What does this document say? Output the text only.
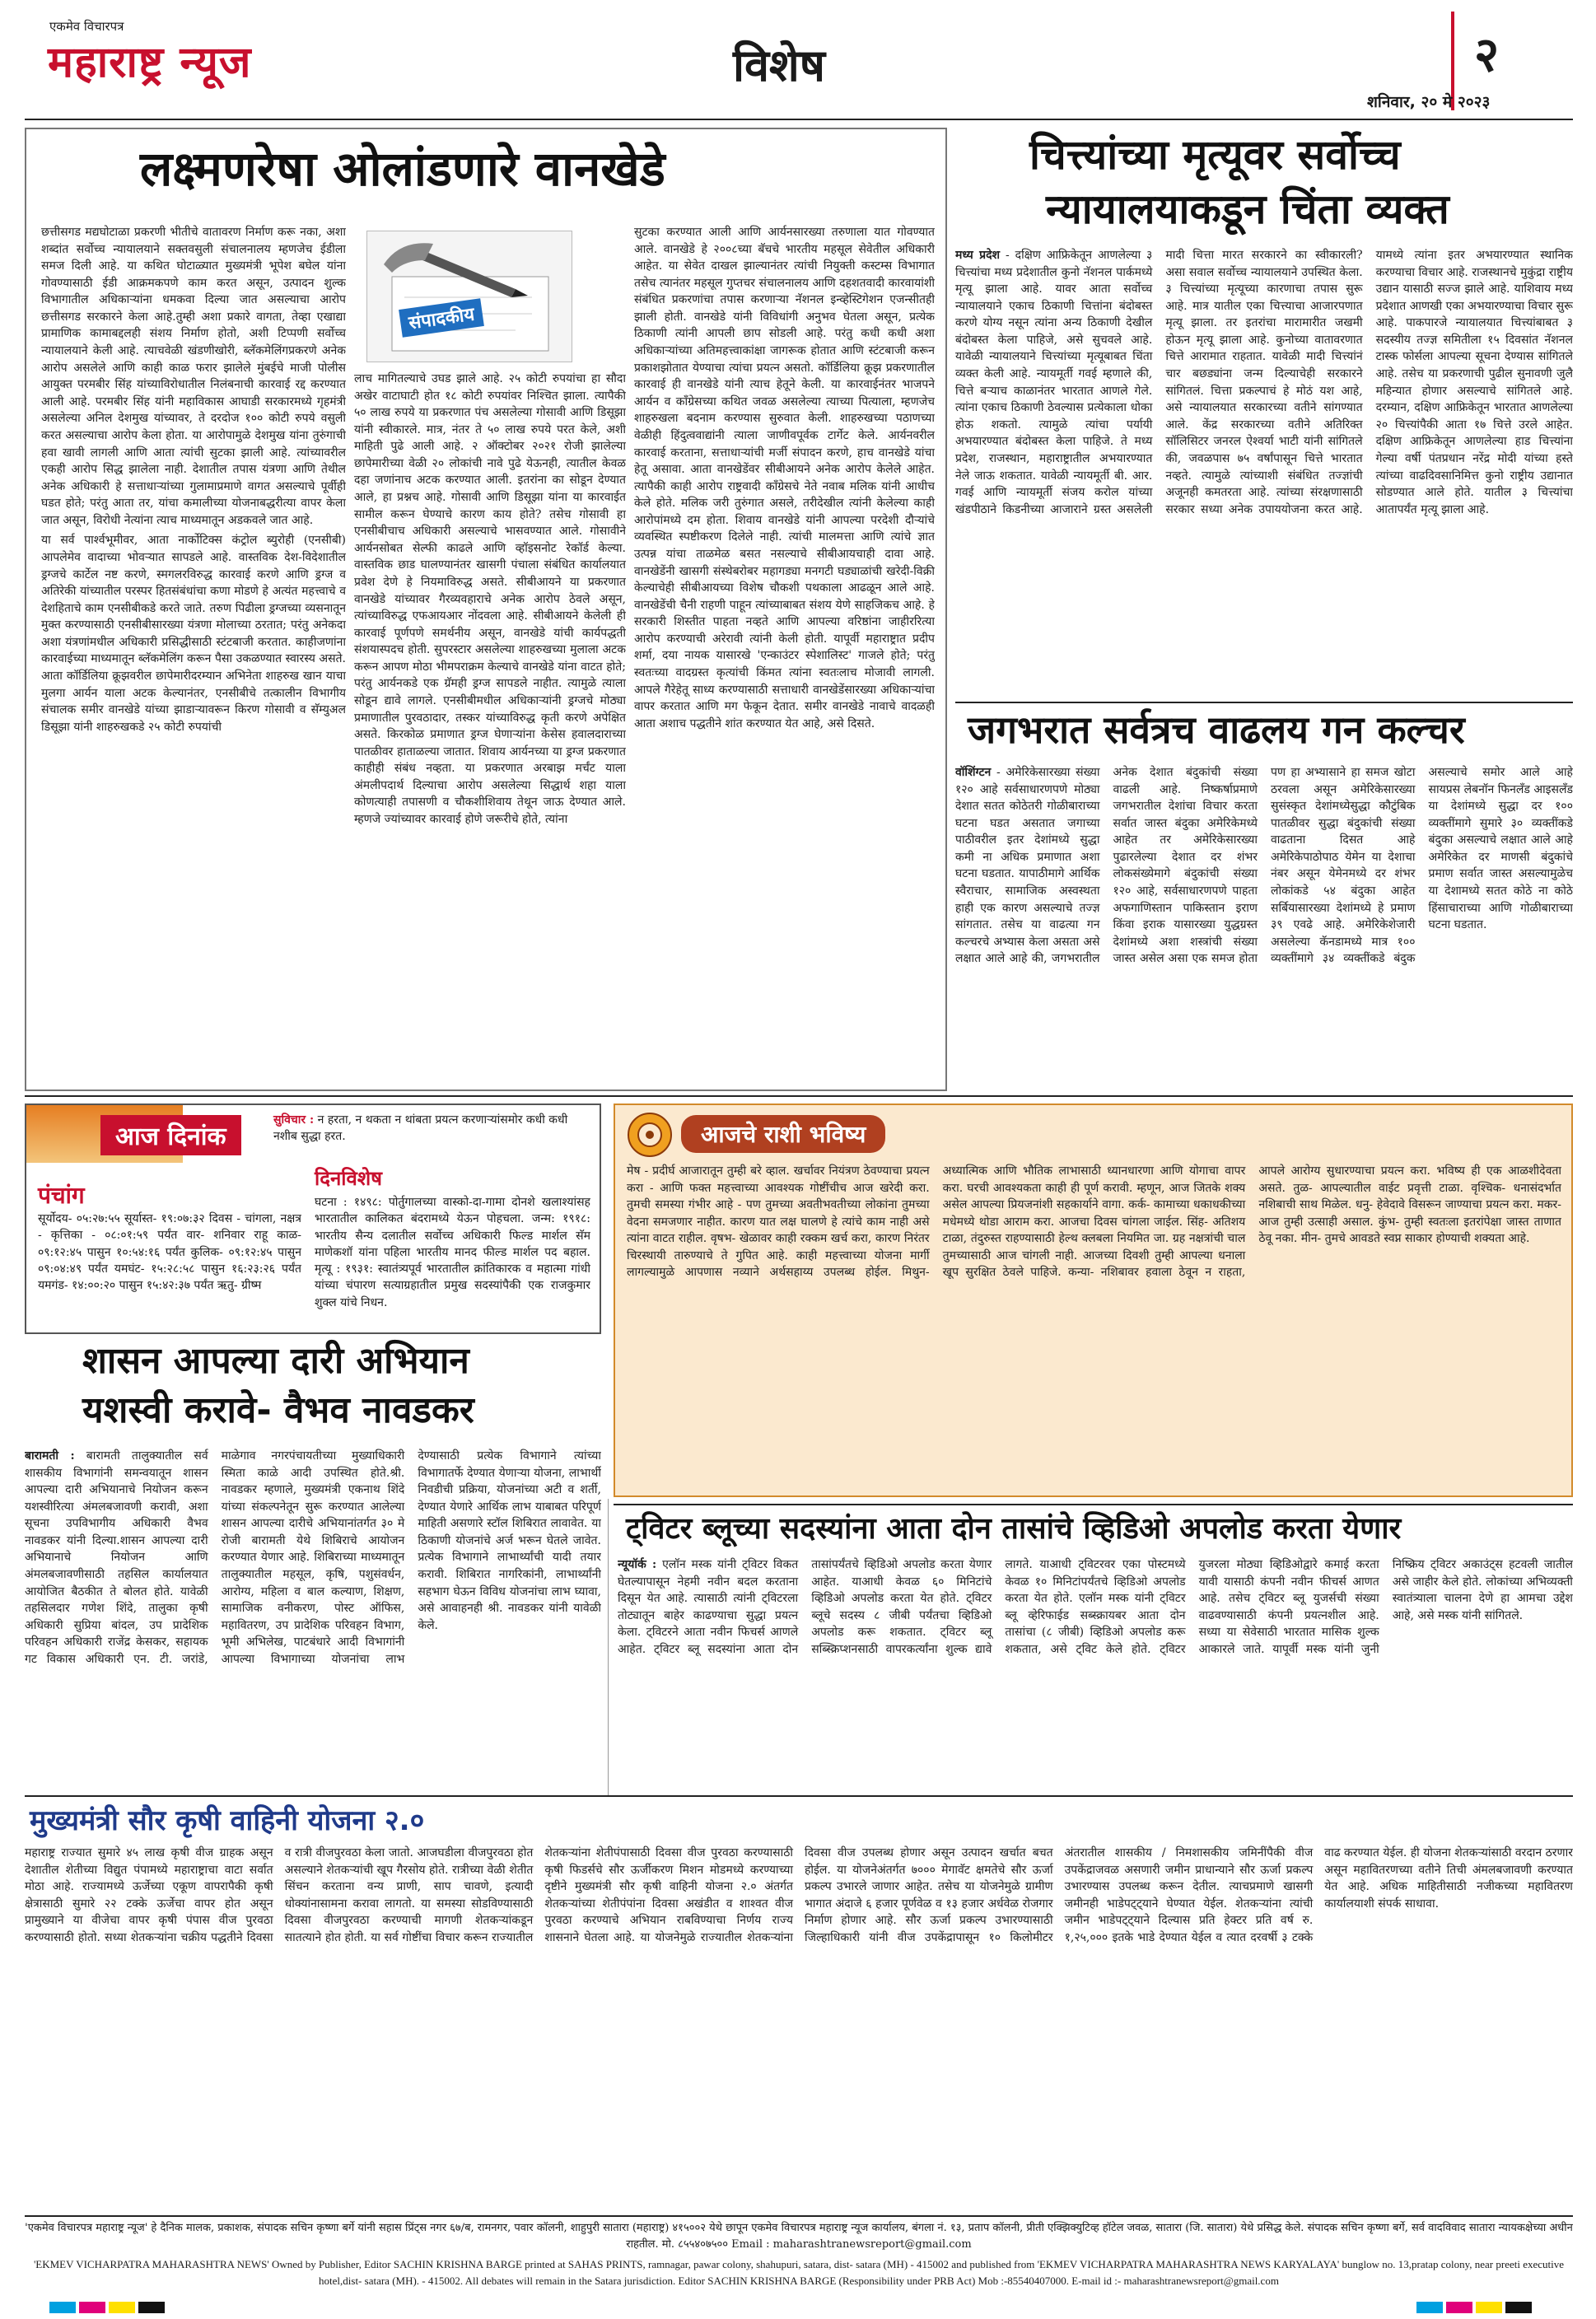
एकमेव विचारपत्र
महाराष्ट्र न्यूज	विशेष	२
शनिवार, २० मे २०२३
लक्ष्मणरेषा ओलांडणारे वानखेडे
संपादकीय
छत्तीसगड मद्यघोटाळा प्रकरणी भीतीचे वातावरण निर्माण करू नका, अशा शब्दांत सर्वोच्च न्यायालयाने सक्तवसुली संचालनालय म्हणजेच ईडीला समज दिली आहे. या कथित घोटाळ्यात मुख्यमंत्री भूपेश बघेल यांना गोवण्यासाठी ईडी आक्रमकपणे काम करत असून, उत्पादन शुल्क विभागातील अधिकाऱ्यांना धमकवा दिल्या जात असल्याचा आरोप छत्तीसगड सरकारने केला आहे.तुम्ही अशा प्रकारे वागता, तेव्हा एखाद्या प्रामाणिक कामाबद्दलही संशय निर्माण होतो, अशी टिप्पणी सर्वोच्च न्यायालयाने केली आहे. त्याचवेळी खंडणीखोरी, ब्लॅकमेलिंगप्रकरणे अनेक आरोप असलेले आणि काही काळ फरार झालेले मुंबईचे माजी पोलीस आयुक्त परमबीर सिंह यांच्याविरोधातील निलंबनाची कारवाई रद्द करण्यात आली आहे. परमबीर सिंह यांनी महाविकास आघाडी सरकारमध्ये गृहमंत्री असलेल्या अनिल देशमुख यांच्यावर, ते दरदोज १०० कोटी रुपये वसुली करत असल्याचा आरोप केला होता. या आरोपामुळे देशमुख यांना तुरुंगाची हवा खावी लागली आणि आता त्यांची सुटका झाली आहे. त्यांच्यावरील एकही आरोप सिद्ध झालेला नाही. देशातील तपास यंत्रणा आणि तेथील अनेक अधिकारी हे सत्ताधाऱ्यांच्या गुलामाप्रमाणे वागत असल्याचे पूर्वीही घडत होते; परंतु आता तर, यांचा कमालीच्या योजनाबद्धरीत्या वापर केला जात असून, विरोधी नेत्यांना त्याच माध्यमातून अडकवले जात आहे.

या सर्व पार्श्वभूमीवर, आता नार्कोटिक्स कंट्रोल ब्युरोही (एनसीबी) आपलेमेव वादाच्या भोवऱ्यात सापडले आहे. वास्तविक देश-विदेशातील ड्रग्जचे कार्टेल नष्ट करणे, स्मगलरविरुद्ध कारवाई करणे आणि ड्रग्ज व अतिरेकी यांच्यातील परस्पर हितसंबंधांचा कणा मोडणे हे अत्यंत महत्त्वाचे व देशहिताचे काम एनसीबीकडे करते जाते. तरुण पिढीला ड्रग्जच्या व्यसनातून मुक्त करण्यासाठी एनसीबीसारख्या यंत्रणा मोलाच्या ठरतात; परंतु अनेकदा अशा यंत्रणांमधील अधिकारी प्रसिद्धीसाठी स्टंटबाजी करतात. काहीजणांना कारवाईच्या माध्यमातून ब्लॅकमेलिंग करून पैसा उकळण्यात स्वारस्य असते. आता कॉर्डिलिया क्रूझवरील छापेमारीदरम्यान अभिनेता शाहरुख खान याचा मुलगा आर्यन याला अटक केल्यानंतर, एनसीबीचे तत्कालीन विभागीय संचालक समीर वानखेडे यांच्या झाडाऱ्यावरून किरण गोसावी व सॅम्युअल डिसूझा यांनी शाहरुखकडे २५ कोटी रुपयांची

लाच मागितल्याचे उघड झाले आहे. २५ कोटी रुपयांचा हा सौदा अखेर वाटाघाटी होत १८ कोटी रुपयांवर निश्चित झाला. त्यापैकी ५० लाख रुपये या प्रकरणात पंच असलेल्या गोसावी आणि डिसूझा यांनी स्वीकारले. मात्र, नंतर ते ५० लाख रुपये परत केले, अशी माहिती पुढे आली आहे. २ ऑक्टोबर २०२१ रोजी झालेल्या छापेमारीच्या वेळी २० लोकांची नावे पुढे येऊनही, त्यातील केवळ दहा जणांनाच अटक करण्यात आली. इतरांना का सोडून देण्यात आले, हा प्रश्नच आहे. गोसावी आणि डिसूझा यांना या कारवाईत सामील करून घेण्याचे कारण काय होते? तसेच गोसावी हा एनसीबीचाच अधिकारी असल्याचे भासवण्यात आले. गोसावीने आर्यनसोबत सेल्फी काढले आणि व्हॉइसनोट रेकॉर्ड केल्या. वास्तविक छाड घालण्यानंतर खासगी पंचाला संबंधित कार्यालयात प्रवेश देणे हे नियमाविरुद्ध असते. सीबीआयने या प्रकरणात वानखेडे यांच्यावर गैरव्यवहाराचे अनेक आरोप ठेवले असून, त्यांच्याविरुद्ध एफआयआर नोंदवला आहे. सीबीआयने केलेली ही कारवाई पूर्णपणे समर्थनीय असून, वानखेडे यांची कार्यपद्धती संशयास्पदच होती. सुपरस्टार असलेल्या शाहरुखच्या मुलाला अटक करून आपण मोठा भीमपराक्रम केल्याचे वानखेडे यांना वाटत होते; परंतु आर्यनकडे एक ग्रॅमही ड्रग्ज सापडले नाहीत. त्यामुळे त्याला सोडून द्यावे लागले. एनसीबीमधील अधिकाऱ्यांनी ड्रग्जचे मोठ्या प्रमाणातील पुरवठादार, तस्कर यांच्याविरुद्ध कृती करणे अपेक्षित असते. किरकोळ प्रमाणात ड्रग्ज घेणाऱ्यांना केसेस हवालदाराच्या पातळीवर हाताळल्या जातात. शिवाय आर्यनच्या या ड्रग्ज प्रकरणात काहीही संबंध नव्हता. या प्रकरणात अरबाझ मर्चंट याला अंमलीपदार्थ दिल्याचा आरोप असलेल्या सिद्धार्थ शहा याला कोणत्याही तपासणी व चौकशीशिवाय तेथून जाऊ देण्यात आले. म्हणजे ज्यांच्यावर कारवाई होणे जरूरीचे होते, त्यांना
सुटका करण्यात आली आणि आर्यनसारख्या तरुणाला यात गोवण्यात आले. वानखेडे हे २००८च्या बॅचचे भारतीय महसूल सेवेतील अधिकारी आहेत. या सेवेत दाखल झाल्यानंतर त्यांची नियुक्ती कस्टम्स विभागात तसेच त्यानंतर महसूल गुप्तचर संचालनालय आणि दहशतवादी कारवायांशी संबंधित प्रकरणांचा तपास करणाऱ्या नॅशनल इन्व्हेस्टिगेशन एजन्सीतही झाली होती. वानखेडे यांनी विविधांगी अनुभव घेतला असून, प्रत्येक ठिकाणी त्यांनी आपली छाप सोडली आहे. परंतु कधी कधी अशा अधिकाऱ्यांच्या अतिमहत्त्वाकांक्षा जागरूक होतात आणि स्टंटबाजी करून प्रकाशझोतात येण्याचा त्यांचा प्रयत्न असतो. कॉर्डिलिया क्रूझ प्रकरणातील कारवाई ही वानखेडे यांनी त्याच हेतूने केली. या कारवाईनंतर भाजपने आर्यन व काँग्रेसच्या कथित जवळ असलेल्या त्याच्या पित्याला, म्हणजेच शाहरुखला बदनाम करण्यास सुरुवात केली. शाहरुखच्या पठाणच्या वेळीही हिंदुत्ववाद्यांनी त्याला जाणीवपूर्वक टार्गेट केले. आर्यनवरील कारवाई करताना, सत्ताधाऱ्यांची मर्जी संपादन करणे, हाच वानखेडे यांचा हेतू असावा. आता वानखेडेंवर सीबीआयने अनेक आरोप केलेले आहेत. त्यापैकी काही आरोप राष्ट्रवादी काँग्रेसचे नेते नवाब मलिक यांनी आधीच केले होते. मलिक जरी तुरुंगात असले, तरीदेखील त्यांनी केलेल्या काही आरोपांमध्ये दम होता. शिवाय वानखेडे यांनी आपल्या परदेशी दौऱ्यांचे व्यवस्थित स्पष्टीकरण दिलेले नाही. त्यांची मालमत्ता आणि त्यांचे ज्ञात उत्पन्न यांचा ताळमेळ बसत नसल्याचे सीबीआयचाही दावा आहे. वानखेडेंनी खासगी संस्थेबरोबर महागड्या मनगटी घड्याळांची खरेदी-विक्री केल्याचेही सीबीआयच्या विशेष चौकशी पथकाला आढळून आले आहे. वानखेडेंची चैनी राहणी पाहून त्यांच्याबाबत संशय येणे साहजिकच आहे. हे सरकारी शिस्तीत पाहता नव्हते आणि आपल्या वरिष्ठांना जाहीररित्या आरोप करण्याची अरेरावी त्यांनी केली होती. यापूर्वी महाराष्ट्रात प्रदीप शर्मा, दया नायक यासारखे 'एन्काउंटर स्पेशालिस्ट' गाजले होते; परंतु स्वतःच्या वादग्रस्त कृत्यांची किंमत त्यांना स्वतःलाच मोजावी लागली. आपले गैरेहेतू साध्य करण्यासाठी सत्ताधारी वानखेडेंसारख्या अधिकाऱ्यांचा वापर करतात आणि मग फेकून देतात. समीर वानखेडे नावाचे वादळही आता अशाच पद्धतीने शांत करण्यात येत आहे, असे दिसते.
चित्त्यांच्या मृत्यूवर सर्वोच्च
न्यायालयाकडून चिंता व्यक्त
मध्य प्रदेश - दक्षिण आफ्रिकेतून आणलेल्या ३ चित्त्यांचा मध्य प्रदेशातील कुनो नॅशनल पार्कमध्ये मृत्यू झाला आहे. यावर आता सर्वोच्च न्यायालयाने एकाच ठिकाणी चित्तांना बंदोबस्त करणे योग्य नसून त्यांना अन्य ठिकाणी देखील बंदोबस्त केला पाहिजे, असे सुचवले आहे. यावेळी न्यायालयाने चित्त्यांच्या मृत्यूबाबत चिंता व्यक्त केली आहे. न्यायमूर्ती गवई म्हणाले की, चित्ते बऱ्याच काळानंतर भारतात आणले गेले. त्यांना एकाच ठिकाणी ठेवल्यास प्रत्येकाला धोका होऊ शकतो. त्यामुळे त्यांचा पर्यायी अभयारण्यात बंदोबस्त केला पाहिजे. ते मध्य प्रदेश, राजस्थान, महाराष्ट्रातील अभयारण्यात नेले जाऊ शकतात. यावेळी न्यायमूर्ती बी. आर. गवई आणि न्यायमूर्ती संजय करोल यांच्या खंडपीठाने किडनीच्या आजाराने ग्रस्त असलेली मादी चित्ता मारत सरकारने का स्वीकारली? असा सवाल सर्वोच्च न्यायालयाने उपस्थित केला. ३ चित्त्यांच्या मृत्यूच्या कारणाचा तपास सुरू आहे. मात्र यातील एका चित्त्याचा आजारपणात मृत्यू झाला. तर इतरांचा मारामारीत जखमी होऊन मृत्यू झाला आहे. कुनोच्या वातावरणात चित्ते आरामात राहतात. यावेळी मादी चित्त्यांनं चार बछड्यांना जन्म दिल्याचेही सरकारने सांगितलं. चित्ता प्रकल्पाचं हे मोठं यश आहे, असे न्यायालयात सरकारच्या वतीने सांगण्यात आले. केंद्र सरकारच्या वतीने अतिरिक्त सॉलिसिटर जनरल ऐश्वर्या भाटी यांनी सांगितले की, जवळपास ७५ वर्षांपासून चित्ते भारतात नव्हते. त्यामुळे त्यांच्याशी संबंधित तज्ज्ञांची अजूनही कमतरता आहे. त्यांच्या संरक्षणासाठी सरकार सध्या अनेक उपाययोजना करत आहे. यामध्ये त्यांना इतर अभयारण्यात स्थानिक करण्याचा विचार आहे. राजस्थानचे मुकुंद्रा राष्ट्रीय उद्यान यासाठी सज्ज झाले आहे. याशिवाय मध्य प्रदेशात आणखी एका अभयारण्याचा विचार सुरू आहे. पाकपारजे न्यायालयात चित्त्यांबाबत ३ सदस्यीय तज्ज्ञ समितीला १५ दिवसांत नॅशनल टास्क फोर्सला आपल्या सूचना देण्यास सांगितले आहे. तसेच या प्रकरणाची पुढील सुनावणी जुलै महिन्यात होणार असल्याचे सांगितले आहे. दरम्यान, दक्षिण आफ्रिकेतून भारतात आणलेल्या २० चित्त्यांपैकी आता १७ चित्ते उरले आहेत. दक्षिण आफ्रिकेतून आणलेल्या हाड चित्त्यांना गेल्या वर्षी पंतप्रधान नरेंद्र मोदी यांच्या हस्ते त्यांच्या वाढदिवसानिमित्त कुनो राष्ट्रीय उद्यानात सोडण्यात आले होते. यातील ३ चित्त्यांचा आतापर्यंत मृत्यू झाला आहे.
जगभरात सर्वत्रच वाढलय गन कल्चर
वॉशिंग्टन - अमेरिकेसारख्या संख्या १२० आहे सर्वसाधारणपणे मोठ्या देशात सतत कोठेतरी गोळीबाराच्या घटना घडत असतात जगाच्या पाठीवरील इतर देशांमध्ये सुद्धा कमी ना अधिक प्रमाणात अशा घटना घडतात. यापाठीमागे आर्थिक स्वैराचार, सामाजिक अस्वस्थता हाही एक कारण असल्याचे तज्ज्ञ सांगतात. तसेच या वाढत्या गन कल्चरचे अभ्यास केला असता असे लक्षात आले आहे की, जगभरातील अनेक देशात बंदुकांची संख्या वाढली आहे. निष्कर्षाप्रमाणे जगभरातील देशांचा विचार करता सर्वात जास्त बंदुका अमेरिकेमध्ये आहेत तर अमेरिकेसारख्या पुढारलेल्या देशात दर शंभर लोकसंख्येमागे बंदुकांची संख्या १२० आहे, सर्वसाधारणपणे पाहता अफगाणिस्तान पाकिस्तान इराण किंवा इराक यासारख्या युद्धग्रस्त देशांमध्ये अशा शस्त्रांची संख्या जास्त असेल असा एक समज होता पण हा अभ्यासाने हा समज खोटा ठरवला असून अमेरिकेसारख्या सुसंस्कृत देशांमध्येसुद्धा कौटुंबिक पातळीवर सुद्धा बंदुकांची संख्या वाढताना दिसत आहे अमेरिकेपाठोपाठ येमेन या देशाचा नंबर असून येमेनमध्ये दर शंभर लोकांकडे ५४ बंदुका आहेत सर्बियासारख्या देशांमध्ये हे प्रमाण ३९ एवढे आहे. अमेरिकेशेजारी असलेल्या कॅनडामध्ये मात्र १०० व्यक्तींमागे ३४ व्यक्तींकडे बंदुक असल्याचे समोर आले आहे सायप्रस लेबनॉन फिनलँड आइसलँड या देशांमध्ये सुद्धा दर १०० व्यक्तींमागे सुमारे ३० व्यक्तींकडे बंदुका असल्याचे लक्षात आले आहे अमेरिकेत दर माणसी बंदुकांचे प्रमाण सर्वात जास्त असल्यामुळेच या देशामध्ये सतत कोठे ना कोठे हिंसाचाराच्या आणि गोळीबाराच्या घटना घडतात.
आज दिनांक
सुविचार : न हरता, न थकता न थांबता प्रयत्न करणाऱ्यांसमोर कधी कधी नशीब सुद्धा हरत.
पंचांग
सूर्योदय- ०५:२७:५५ सूर्यास्त- १९:०७:३२ दिवस - चांगला, नक्षत्र - कृत्तिका - ०८:०१:५९ पर्यंत वार- शनिवार राहू काळ- ०९:१२:४५ पासुन १०:५४:१६ पर्यंत कुलिक- ०९:१२:४५ पासुन ०९:०४:४९ पर्यंत यमघंट- १५:२८:५८ पासुन १६:२३:२६ पर्यंत यमगंड- १४:००:२० पासुन १५:४२:३७ पर्यंत ऋतु- ग्रीष्म
दिनविशेष
घटना : १४९८: पोर्तुगालच्या वास्को-दा-गामा दोनशे खलाश्यांसह भारतातील कालिकत बंदरामध्ये येऊन पोहचला. जन्म: १९१८: भारतीय सैन्य दलातील सर्वोच्च अधिकारी फिल्ड मार्शल सॅम माणेकशॉ यांना पहिला भारतीय मानद फील्ड मार्शल पद बहाल. मृत्यू : १९३१: स्वातंत्र्यपूर्व भारतातील क्रांतिकारक व महात्मा गांधी यांच्या चंपारण सत्याग्रहातील प्रमुख सदस्यांपैकी एक राजकुमार शुक्ल यांचे निधन.
आजचे राशी भविष्य
मेष - प्रदीर्घ आजारातून तुम्ही बरे व्हाल. खर्चावर नियंत्रण ठेवण्याचा प्रयत्न करा - आणि फक्त महत्त्वाच्या आवश्यक गोष्टींचीच आज खरेदी करा. तुमची समस्या गंभीर आहे - पण तुमच्या अवतीभवतीच्या लोकांना तुमच्या वेदना समजणार नाहीत. कारण यात लक्ष घालणे हे त्यांचे काम नाही असे त्यांना वाटत राहील. वृषभ- खेळावर काही रक्कम खर्च करा, कारण निरंतर चिरस्थायी तारुण्याचे ते गुपित आहे. काही महत्त्वाच्या योजना मार्गी लागल्यामुळे आपणास नव्याने अर्थसहाय्य उपलब्ध होईल. मिथुन- अध्यात्मिक आणि भौतिक लाभासाठी ध्यानधारणा आणि योगाचा वापर करा. घरची आवश्यकता काही ही पूर्ण करावी. म्हणून, आज जितके शक्य असेल आपल्या प्रियजनांशी सहकार्याने वागा. कर्क- कामाच्या धकाधकीच्या मधेमध्ये थोडा आराम करा. आजचा दिवस चांगला जाईल. सिंह- अतिशय टाळा, तंदुरुस्त राहण्यासाठी हेल्थ क्लबला नियमित जा. ग्रह नक्षत्रांची चाल तुमच्यासाठी आज चांगली नाही. आजच्या दिवशी तुम्ही आपल्या धनाला खूप सुरक्षित ठेवले पाहिजे. कन्या- नशिबावर हवाला ठेवून न राहता, आपले आरोग्य सुधारण्याचा प्रयत्न करा. भविष्य ही एक आळशीदेवता असते. तुळ- आपल्यातील वाईट प्रवृत्ती टाळा. वृश्चिक- धनासंदर्भात नशिबाची साथ मिळेल. धनु- हेवेदावे विसरून जाण्याचा प्रयत्न करा. मकर- आज तुम्ही उत्साही असाल. कुंभ- तुम्ही स्वतःला इतरांपेक्षा जास्त ताणात ठेवू नका. मीन- तुमचे आवडते स्वप्न साकार होण्याची शक्यता आहे.
शासन आपल्या दारी अभियान
यशस्वी करावे- वैभव नावडकर
बारामती : बारामती तालुक्यातील सर्व शासकीय विभागांनी समन्वयातून शासन आपल्या दारी अभियानाचे नियोजन करून यशस्वीरित्या अंमलबजावणी करावी, अशा सूचना उपविभागीय अधिकारी वैभव नावडकर यांनी दिल्या.शासन आपल्या दारी अभियानाचे नियोजन आणि अंमलबजावणीसाठी तहसिल कार्यालयात आयोजित बैठकीत ते बोलत होते. यावेळी तहसिलदार गणेश शिंदे, तालुका कृषी अधिकारी सुप्रिया बांदल, उप प्रादेशिक परिवहन अधिकारी राजेंद्र केसकर, सहायक गट विकास अधिकारी एन. टी. जरांडे, माळेगाव नगरपंचायतीच्या मुख्याधिकारी स्मिता काळे आदी उपस्थित होते.श्री. नावडकर म्हणाले, मुख्यमंत्री एकनाथ शिंदे यांच्या संकल्पनेतून सुरू करण्यात आलेल्या शासन आपल्या दारीचे अभियानांतर्गत ३० मे रोजी बारामती येथे शिबिराचे आयोजन करण्यात येणार आहे. शिबिराच्या माध्यमातून तालुक्यातील महसूल, कृषि, पशुसंवर्धन, आरोग्य, महिला व बाल कल्याण, शिक्षण, सामाजिक वनीकरण, पोस्ट ऑफिस, महावितरण, उप प्रादेशिक परिवहन विभाग, भूमी अभिलेख, पाटबंधारे आदी विभागांनी आपल्या विभागाच्या योजनांचा लाभ देण्यासाठी प्रत्येक विभागाने त्यांच्या विभागातर्फे देण्यात येणाऱ्या योजना, लाभार्थी निवडीची प्रक्रिया, योजनांच्या अटी व शर्ती, देण्यात येणारे आर्थिक लाभ याबाबत परिपूर्ण माहिती असणारे स्टॉल शिबिरात लावावेत. या ठिकाणी योजनांचे अर्ज भरून घेतले जावेत. प्रत्येक विभागाने लाभार्थ्यांची यादी तयार करावी. शिबिरात नागरिकांनी, लाभार्थ्यांनी सहभाग घेऊन विविध योजनांचा लाभ घ्यावा, असे आवाहनही श्री. नावडकर यांनी यावेळी केले.
ट्विटर ब्लूच्या सदस्यांना आता दोन तासांचे व्हिडिओ अपलोड करता येणार
न्यूयॉर्क : एलॉन मस्क यांनी ट्विटर विकत घेतल्यापासून नेहमी नवीन बदल करताना दिसून येत आहे. त्यासाठी त्यांनी ट्विटरला तोट्यातून बाहेर काढण्याचा सुद्धा प्रयत्न केला. ट्विटरने आता नवीन फिचर्स आणले आहेत. ट्विटर ब्लू सदस्यांना आता दोन तासांपर्यंतचे व्हिडिओ अपलोड करता येणार आहेत. याआधी केवळ ६० मिनिटांचे व्हिडिओ अपलोड करता येत होते. ट्विटर ब्लूचे सदस्य ८ जीबी पर्यंतचा व्हिडिओ अपलोड करू शकतात. ट्विटर ब्लू सब्स्क्रिप्शनसाठी वापरकर्त्यांना शुल्क द्यावे लागते. याआधी ट्विटरवर एका पोस्टमध्ये केवळ १० मिनिटांपर्यंतचे व्हिडिओ अपलोड करता येत होते. एलॉन मस्क यांनी ट्विटर ब्लू व्हेरिफाईड सब्स्क्रायबर आता दोन तासांचा (८ जीबी) व्हिडिओ अपलोड करू शकतात, असे ट्विट केले होते. ट्विटर युजरला मोठ्या व्हिडिओद्वारे कमाई करता यावी यासाठी कंपनी नवीन फीचर्स आणत आहे. तसेच ट्विटर ब्लू युजर्सची संख्या वाढवण्यासाठी कंपनी प्रयत्नशील आहे. सध्या या सेवेसाठी भारतात मासिक शुल्क आकारले जाते. यापूर्वी मस्क यांनी जुनी निष्क्रिय ट्विटर अकाउंट्स हटवली जातील असे जाहीर केले होते. लोकांच्या अभिव्यक्ती स्वातंत्र्याला चालना देणे हा आमचा उद्देश आहे, असे मस्क यांनी सांगितले.
मुख्यमंत्री सौर कृषी वाहिनी योजना २.०
महाराष्ट्र राज्यात सुमारे ४५ लाख कृषी वीज ग्राहक असून देशातील शेतीच्या विद्युत पंपामध्ये महाराष्ट्राचा वाटा सर्वात मोठा आहे. राज्यामध्ये ऊर्जेच्या एकूण वापरापैकी कृषी क्षेत्रासाठी सुमारे २२ टक्के ऊर्जेचा वापर होत असून प्रामुख्याने या वीजेचा वापर कृषी पंपास वीज पुरवठा करण्यासाठी होतो. सध्या शेतकऱ्यांना चक्रीय पद्धतीने दिवसा व रात्री वीजपुरवठा केला जातो. आजघडीला वीजपुरवठा होत असल्याने शेतकऱ्यांची खूप गैरसोय होते. रात्रीच्या वेळी शेतीत सिंचन करताना वन्य प्राणी, साप चावणे, इत्यादी धोक्यांनासामना करावा लागतो. या समस्या सोडविण्यासाठी दिवसा वीजपुरवठा करण्याची मागणी शेतकऱ्यांकडून सातत्याने होत होती. या सर्व गोष्टींचा विचार करून राज्यातील शेतकऱ्यांना शेतीपंपासाठी दिवसा वीज पुरवठा करण्यासाठी कृषी फिडर्सचे सौर ऊर्जीकरण मिशन मोडमध्ये करण्याच्या दृष्टीने मुख्यमंत्री सौर कृषी वाहिनी योजना २.० अंतर्गत शेतकऱ्यांच्या शेतीपंपांना दिवसा अखंडीत व शाश्वत वीज पुरवठा करण्याचे अभियान राबविण्याचा निर्णय राज्य शासनाने घेतला आहे. या योजनेमुळे राज्यातील शेतकऱ्यांना दिवसा वीज उपलब्ध होणार असून उत्पादन खर्चात बचत होईल. या योजनेअंतर्गत ७००० मेगावॅट क्षमतेचे सौर ऊर्जा प्रकल्प उभारले जाणार आहेत. तसेच या योजनेमुळे ग्रामीण भागात अंदाजे ६ हजार पूर्णवेळ व १३ हजार अर्धवेळ रोजगार निर्माण होणार आहे. सौर ऊर्जा प्रकल्प उभारण्यासाठी जिल्हाधिकारी यांनी वीज उपकेंद्रापासून १० किलोमीटर अंतरातील शासकीय / निमशासकीय जमिनींपैकी वीज उपकेंद्राजवळ असणारी जमीन प्राधान्याने सौर ऊर्जा प्रकल्प उभारण्यास उपलब्ध करून देतील. त्याचप्रमाणे खासगी जमीनही भाडेपट्ट्याने घेण्यात येईल. शेतकऱ्यांना त्यांची जमीन भाडेपट्ट्याने दिल्यास प्रति हेक्टर प्रति वर्ष रु. १,२५,००० इतके भाडे देण्यात येईल व त्यात दरवर्षी ३ टक्के वाढ करण्यात येईल. ही योजना शेतकऱ्यांसाठी वरदान ठरणार असून महावितरणच्या वतीने तिची अंमलबजावणी करण्यात येत आहे. अधिक माहितीसाठी नजीकच्या महावितरण कार्यालयाशी संपर्क साधावा.
'एकमेव विचारपत्र महाराष्ट्र न्यूज' हे दैनिक मालक, प्रकाशक, संपादक सचिन कृष्णा बर्गे यांनी सहास प्रिंट्स नगर ६७/ब, रामनगर, पवार कॉलनी, शाहुपुरी सातारा (महाराष्ट्र) ४१५००२ येथे छापून एकमेव विचारपत्र महाराष्ट्र न्यूज कार्यालय, बंगला नं. १३, प्रताप कॉलनी, प्रीती एक्झिक्युटिव्ह हॉटेल जवळ, सातारा (जि. सातारा) येथे प्रसिद्ध केले. संपादक सचिन कृष्णा बर्गे, सर्व वादविवाद सातारा न्यायकक्षेच्या अधीन राहतील. मो. ८५५४०७५०० Email : maharashtranewsreport@gmail.com
'EKMEV VICHARPATRA MAHARASHTRA NEWS' Owned by Publisher, Editor SACHIN KRISHNA BARGE printed at SAHAS PRINTS, ramnagar, pawar colony, shahupuri, satara, dist- satara (MH) - 415002 and published from 'EKMEV VICHARPATRA MAHARASHTRA NEWS KARYALAYA' bunglow no. 13,pratap colony, near preeti executive hotel,dist- satara (MH). - 415002. All debates will remain in the Satara jurisdiction. Editor SACHIN KRISHNA BARGE (Responsibility under PRB Act) Mob :-85540407000. E-mail id :- maharashtranewsreport@gmail.com
